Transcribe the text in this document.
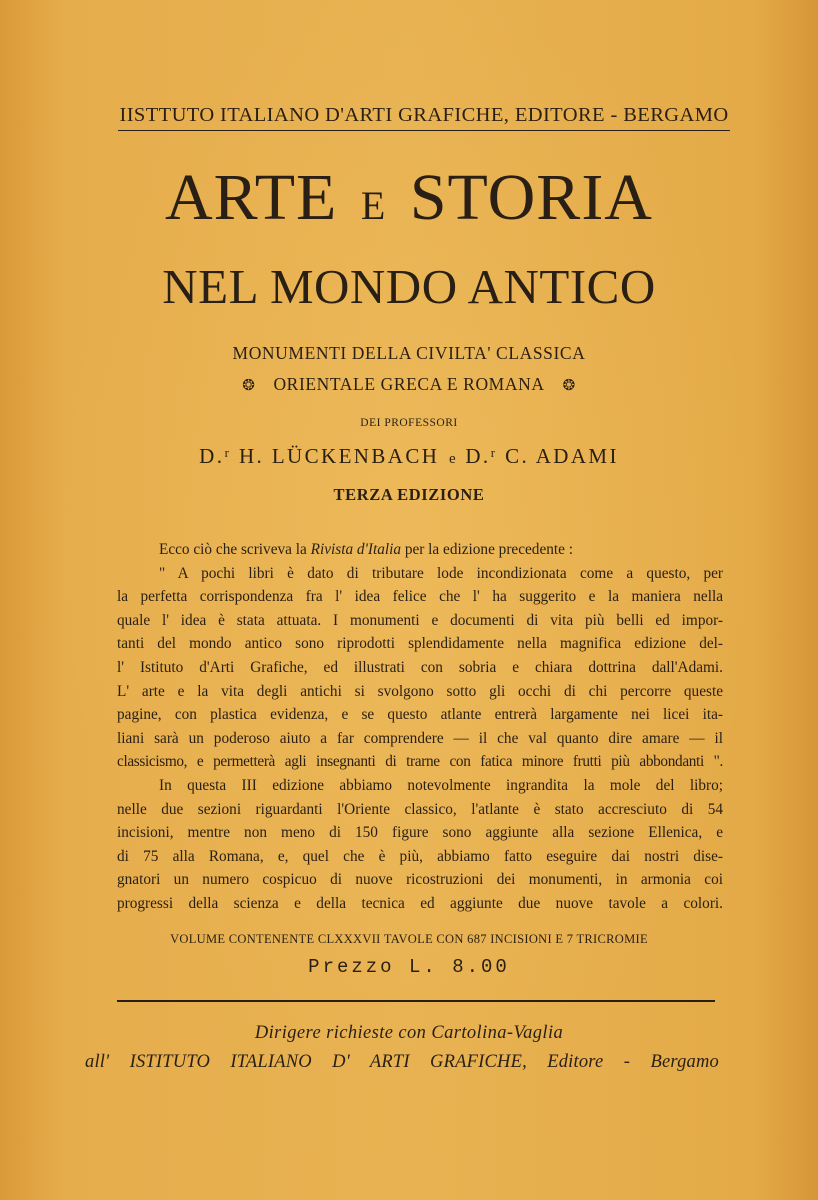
IISTTUTO ITALIANO D'ARTI GRAFICHE, EDITORE - BERGAMO
ARTE E STORIA
NEL MONDO ANTICO
MONUMENTI DELLA CIVILTA' CLASSICA
❂ ORIENTALE GRECA E ROMANA ❂
DEI PROFESSORI
D.ʳ H. LÜCKENBACH e D.ʳ C. ADAMI
TERZA EDIZIONE

Ecco ciò che scriveva la Rivista d'Italia per la edizione precedente :

" A pochi libri è dato di tributare lode incondizionata come a questo, per
la perfetta corrispondenza fra l' idea felice che l' ha suggerito e la maniera nella
quale l' idea è stata attuata. I monumenti e documenti di vita più belli ed impor-
tanti del mondo antico sono riprodotti splendidamente nella magnifica edizione del-
l' Istituto d'Arti Grafiche, ed illustrati con sobria e chiara dottrina dall'Adami.
L' arte e la vita degli antichi si svolgono sotto gli occhi di chi percorre queste
pagine, con plastica evidenza, e se questo atlante entrerà largamente nei licei ita-
liani sarà un poderoso aiuto a far comprendere — il che val quanto dire amare — il
classicismo, e permetterà agli insegnanti di trarne con fatica minore frutti più abbondanti ".

In questa III edizione abbiamo notevolmente ingrandita la mole del libro;
nelle due sezioni riguardanti l'Oriente classico, l'atlante è stato accresciuto di 54
incisioni, mentre non meno di 150 figure sono aggiunte alla sezione Ellenica, e
di 75 alla Romana, e, quel che è più, abbiamo fatto eseguire dai nostri dise-
gnatori un numero cospicuo di nuove ricostruzioni dei monumenti, in armonia coi
progressi della scienza e della tecnica ed aggiunte due nuove tavole a colori.

VOLUME CONTENENTE CLXXXVII TAVOLE CON 687 INCISIONI E 7 TRICROMIE
Prezzo L. 8.00
Dirigere richieste con Cartolina-Vaglia
all' ISTITUTO ITALIANO D' ARTI GRAFICHE, Editore - Bergamo
